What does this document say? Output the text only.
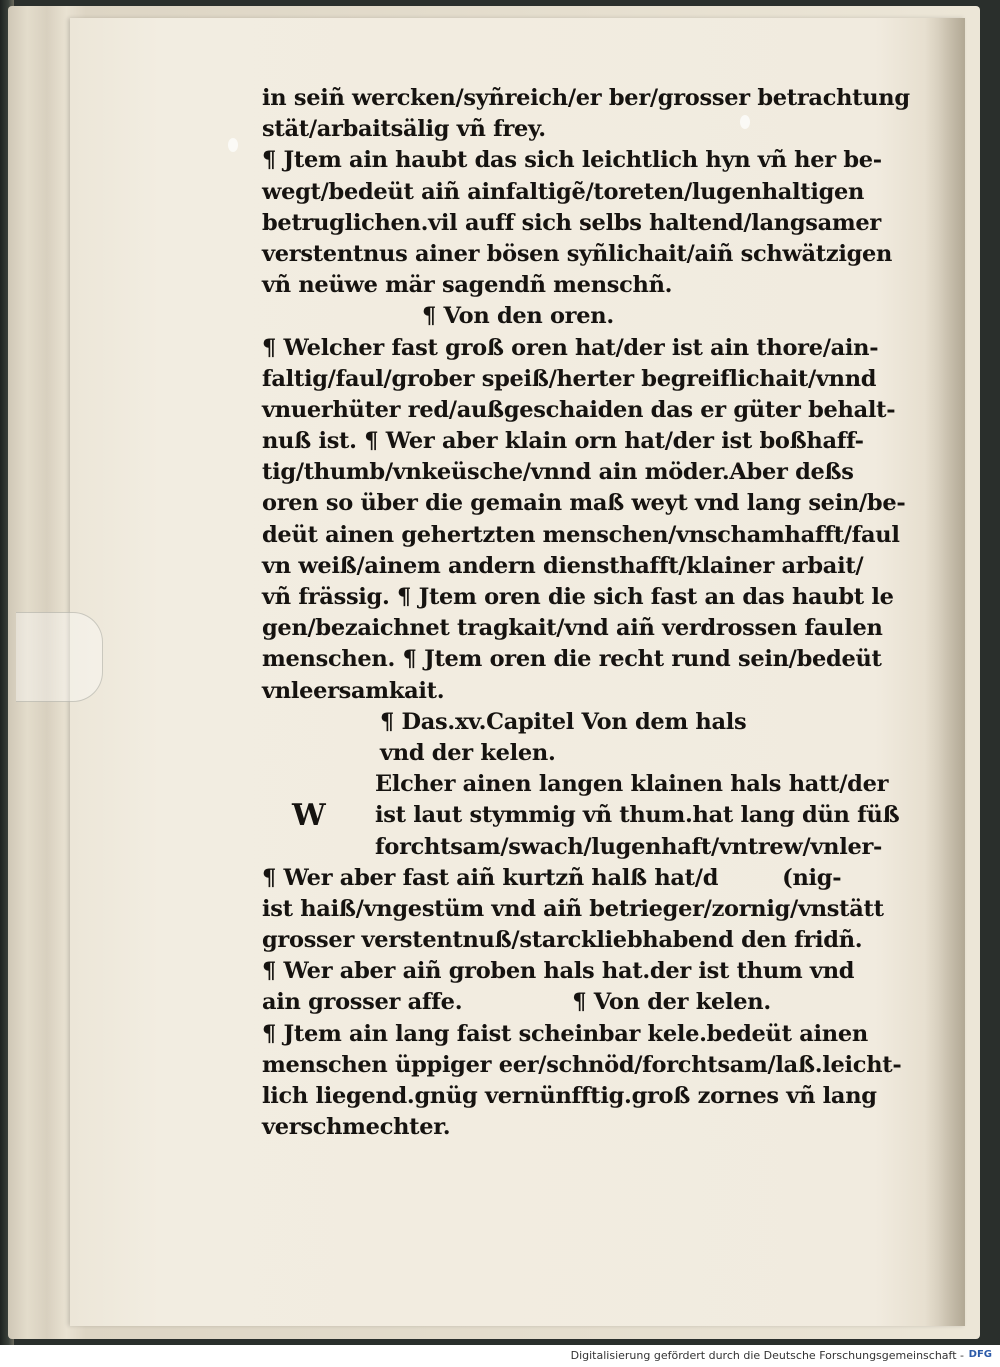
in seiñ wercken/syñreich/er ber/grosser betrachtung
stät/arbaitsälig vñ frey.
¶ Jtem ain haubt das sich leichtlich hyn vñ her be-
wegt/bedeüt aiñ ainfaltigẽ/toreten/lugenhaltigen
betruglichen.vil auff sich selbs haltend/langsamer
verstentnus ainer bösen syñlichait/aiñ schwätzigen
vñ neüwe mär sagendñ menschñ.
¶ Von den oren.
¶ Welcher fast groß oren hat/der ist ain thore/ain-
faltig/faul/grober speiß/herter begreiflichait/vnnd
vnuerhüter red/außgeschaiden das er güter behalt-
nuß ist. ¶ Wer aber klain orn hat/der ist boßhaff-
tig/thumb/vnkeüsche/vnnd ain möder.Aber deßs
oren so über die gemain maß weyt vnd lang sein/be-
deüt ainen gehertzten menschen/vnschamhafft/faul
vn weiß/ainem andern diensthafft/klainer arbait/
vñ frässig. ¶ Jtem oren die sich fast an das haubt le
gen/bezaichnet tragkait/vnd aiñ verdrossen faulen
menschen. ¶ Jtem oren die recht rund sein/bedeüt
vnleersamkait.
¶ Das.xv.Capitel Von dem hals
vnd der kelen.
W
Elcher ainen langen klainen hals hatt/der
ist laut stymmig vñ thum.hat lang dün füß
forchtsam/swach/lugenhaft/vntrew/vnler-
¶ Wer aber fast aiñ kurtzñ halß hat/d	(nig-
ist haiß/vngestüm vnd aiñ betrieger/zornig/vnstätt
grosser verstentnuß/starckliebhabend den fridñ.
¶ Wer aber aiñ groben hals hat.der ist thum vnd
ain grosser affe.	¶ Von der kelen.
¶ Jtem ain lang faist scheinbar kele.bedeüt ainen
menschen üppiger eer/schnöd/forchtsam/laß.leicht-
lich liegend.gnüg vernünfftig.groß zornes vñ lang
verschmechter.
Digitalisierung gefördert durch die Deutsche Forschungsgemeinschaft - DFG
